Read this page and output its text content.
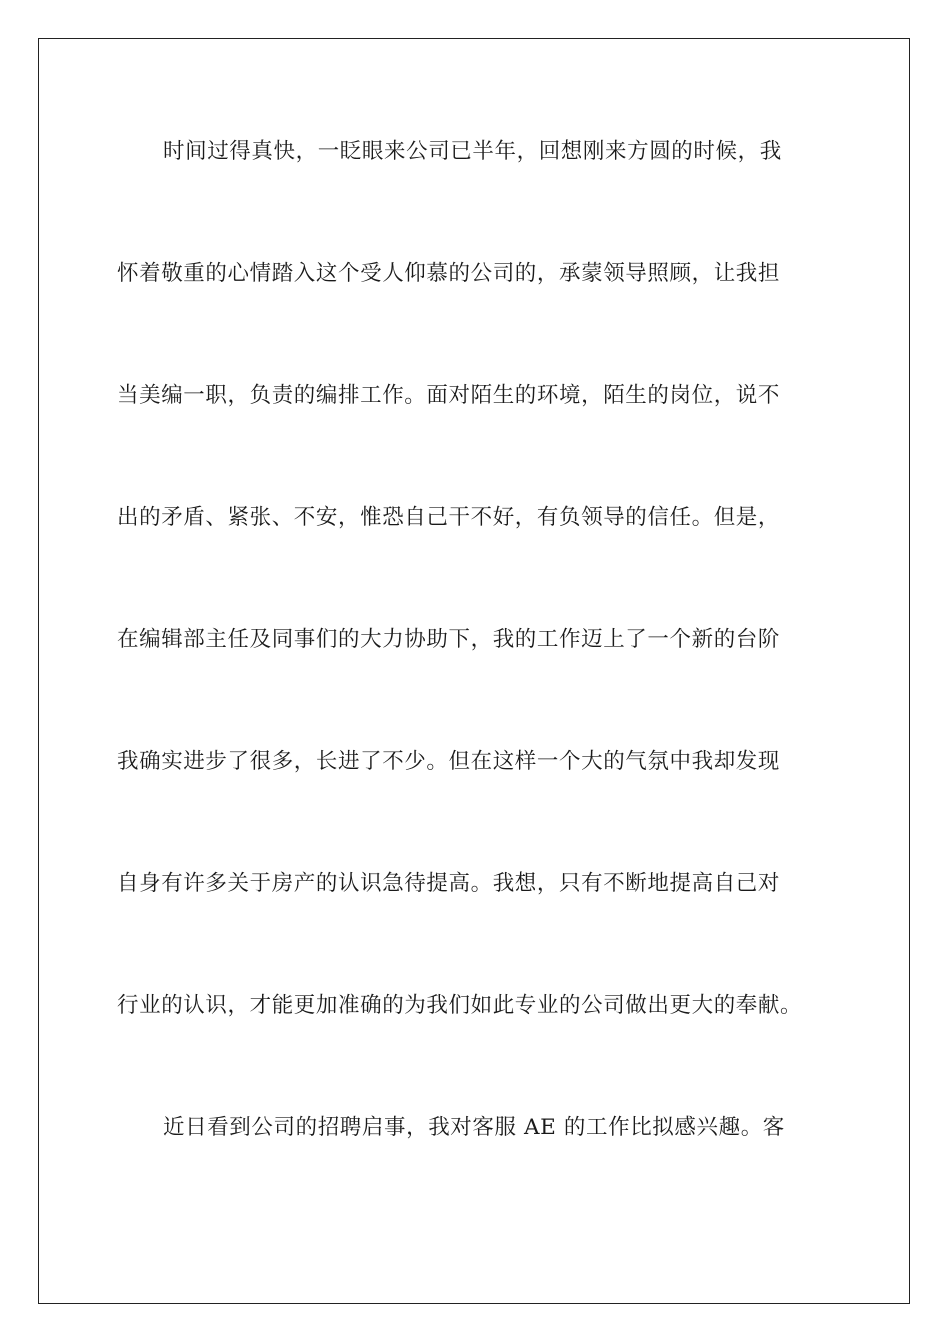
时间过得真快，一眨眼来公司已半年，回想刚来方圆的时候，我
怀着敬重的心情踏入这个受人仰慕的公司的，承蒙领导照顾，让我担
当美编一职，负责的编排工作。面对陌生的环境，陌生的岗位，说不
出的矛盾、紧张、不安，惟恐自己干不好，有负领导的信任。但是，
在编辑部主任及同事们的大力协助下，我的工作迈上了一个新的台阶
我确实进步了很多，长进了不少。但在这样一个大的气氛中我却发现
自身有许多关于房产的认识急待提高。我想，只有不断地提高自己对
行业的认识，才能更加准确的为我们如此专业的公司做出更大的奉献。
近日看到公司的招聘启事，我对客服 AE 的工作比拟感兴趣。客
